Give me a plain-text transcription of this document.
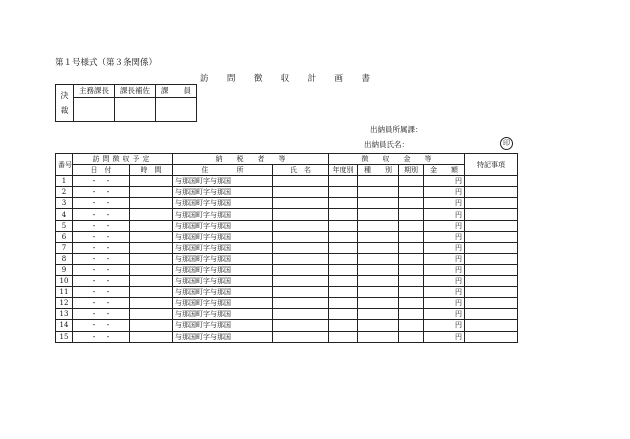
第１号様式（第３条関係）
訪 問 徴 収 計 画 書
決
裁	主務課長	課長補佐	課　　員

出納員所属課：
出納員氏名：	印
番号	訪問徴収予定		納　　税　　者　　等		徴　　収　　金　　等				特記事項
	日　付	時　間	住　　　　所	氏　名	年度別	種　　別	期別	金　　額	
1	・　・		与那国町字与那国					円	
2	・　・		与那国町字与那国					円	
3	・　・		与那国町字与那国					円	
4	・　・		与那国町字与那国					円	
5	・　・		与那国町字与那国					円	
6	・　・		与那国町字与那国					円	
7	・　・		与那国町字与那国					円	
8	・　・		与那国町字与那国					円	
9	・　・		与那国町字与那国					円	
10	・　・		与那国町字与那国					円	
11	・　・		与那国町字与那国					円	
12	・　・		与那国町字与那国					円	
13	・　・		与那国町字与那国					円	
14	・　・		与那国町字与那国					円	
15	・　・		与那国町字与那国					円	
